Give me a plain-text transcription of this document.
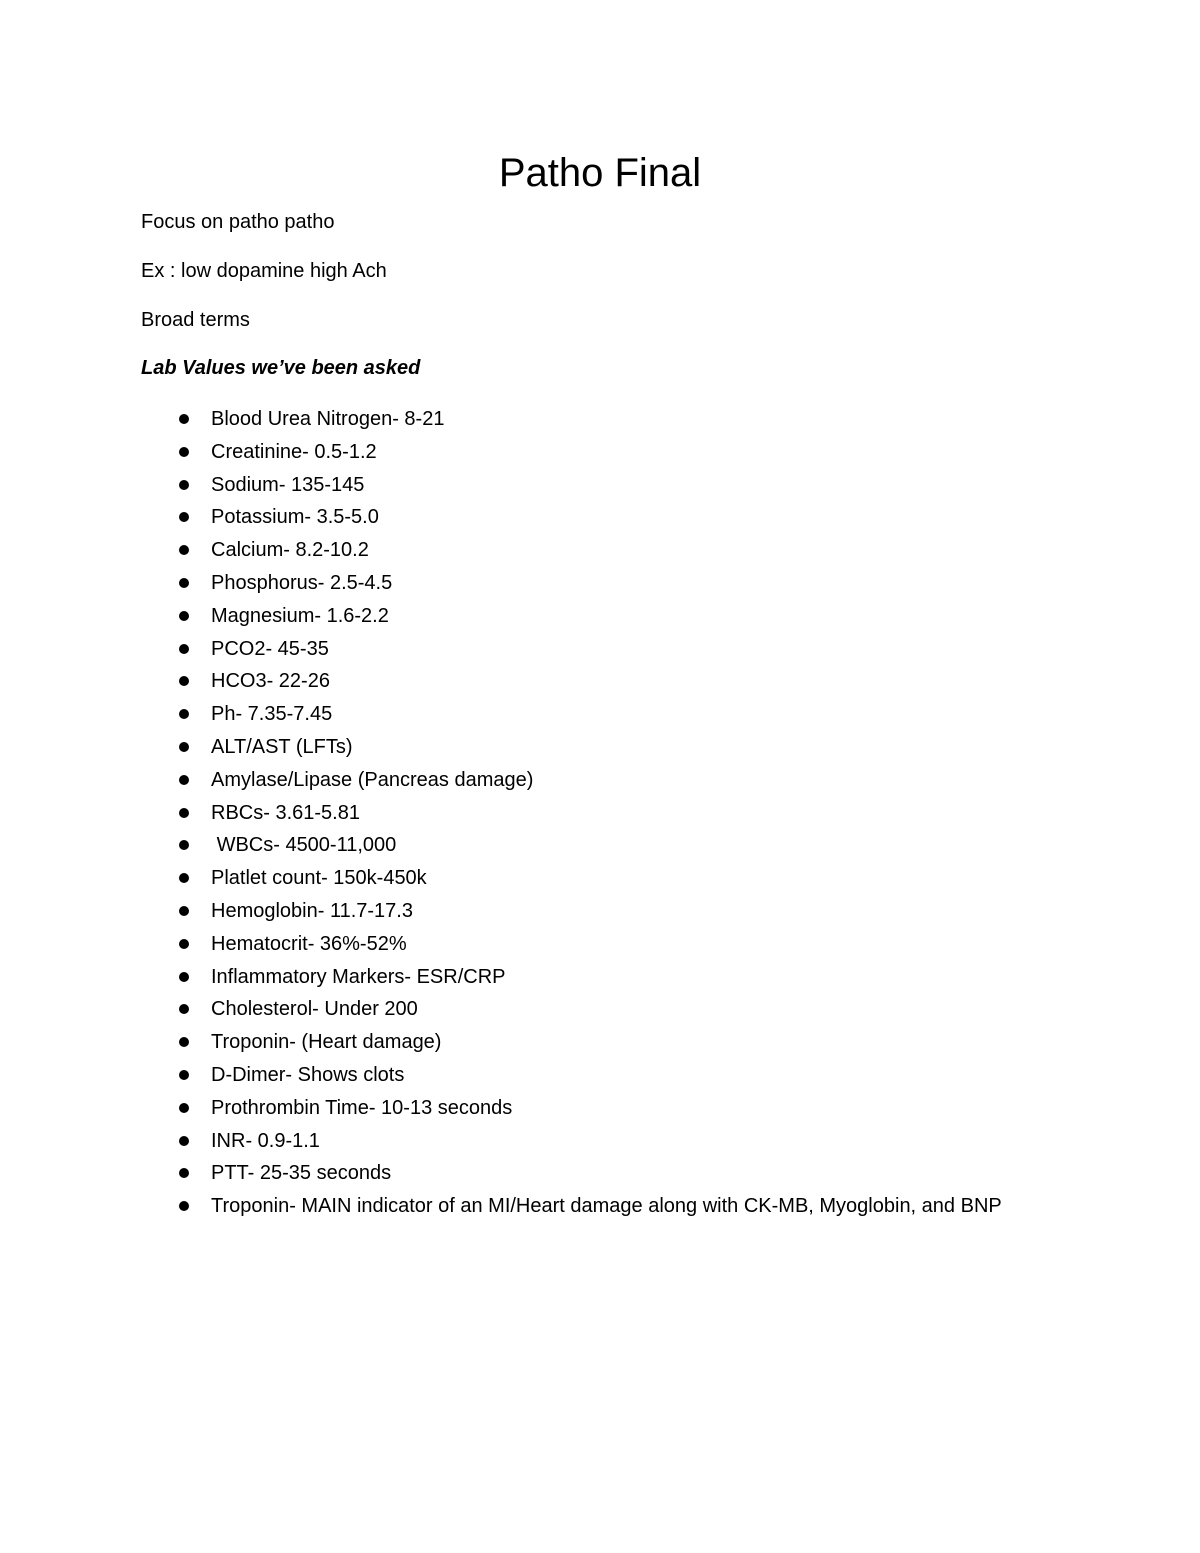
Patho Final

Focus on patho patho

Ex : low dopamine high Ach

Broad terms

Lab Values we’ve been asked

Blood Urea Nitrogen- 8-21
Creatinine- 0.5-1.2
Sodium- 135-145
Potassium- 3.5-5.0
Calcium- 8.2-10.2
Phosphorus- 2.5-4.5
Magnesium- 1.6-2.2
PCO2- 45-35
HCO3- 22-26
Ph- 7.35-7.45
ALT/AST (LFTs)
Amylase/Lipase (Pancreas damage)
RBCs- 3.61-5.81
WBCs- 4500-11,000
Platlet count- 150k-450k
Hemoglobin- 11.7-17.3
Hematocrit- 36%-52%
Inflammatory Markers- ESR/CRP
Cholesterol- Under 200
Troponin- (Heart damage)
D-Dimer- Shows clots
Prothrombin Time- 10-13 seconds
INR- 0.9-1.1
PTT- 25-35 seconds
Troponin- MAIN indicator of an MI/Heart damage along with CK-MB, Myoglobin, and BNP
